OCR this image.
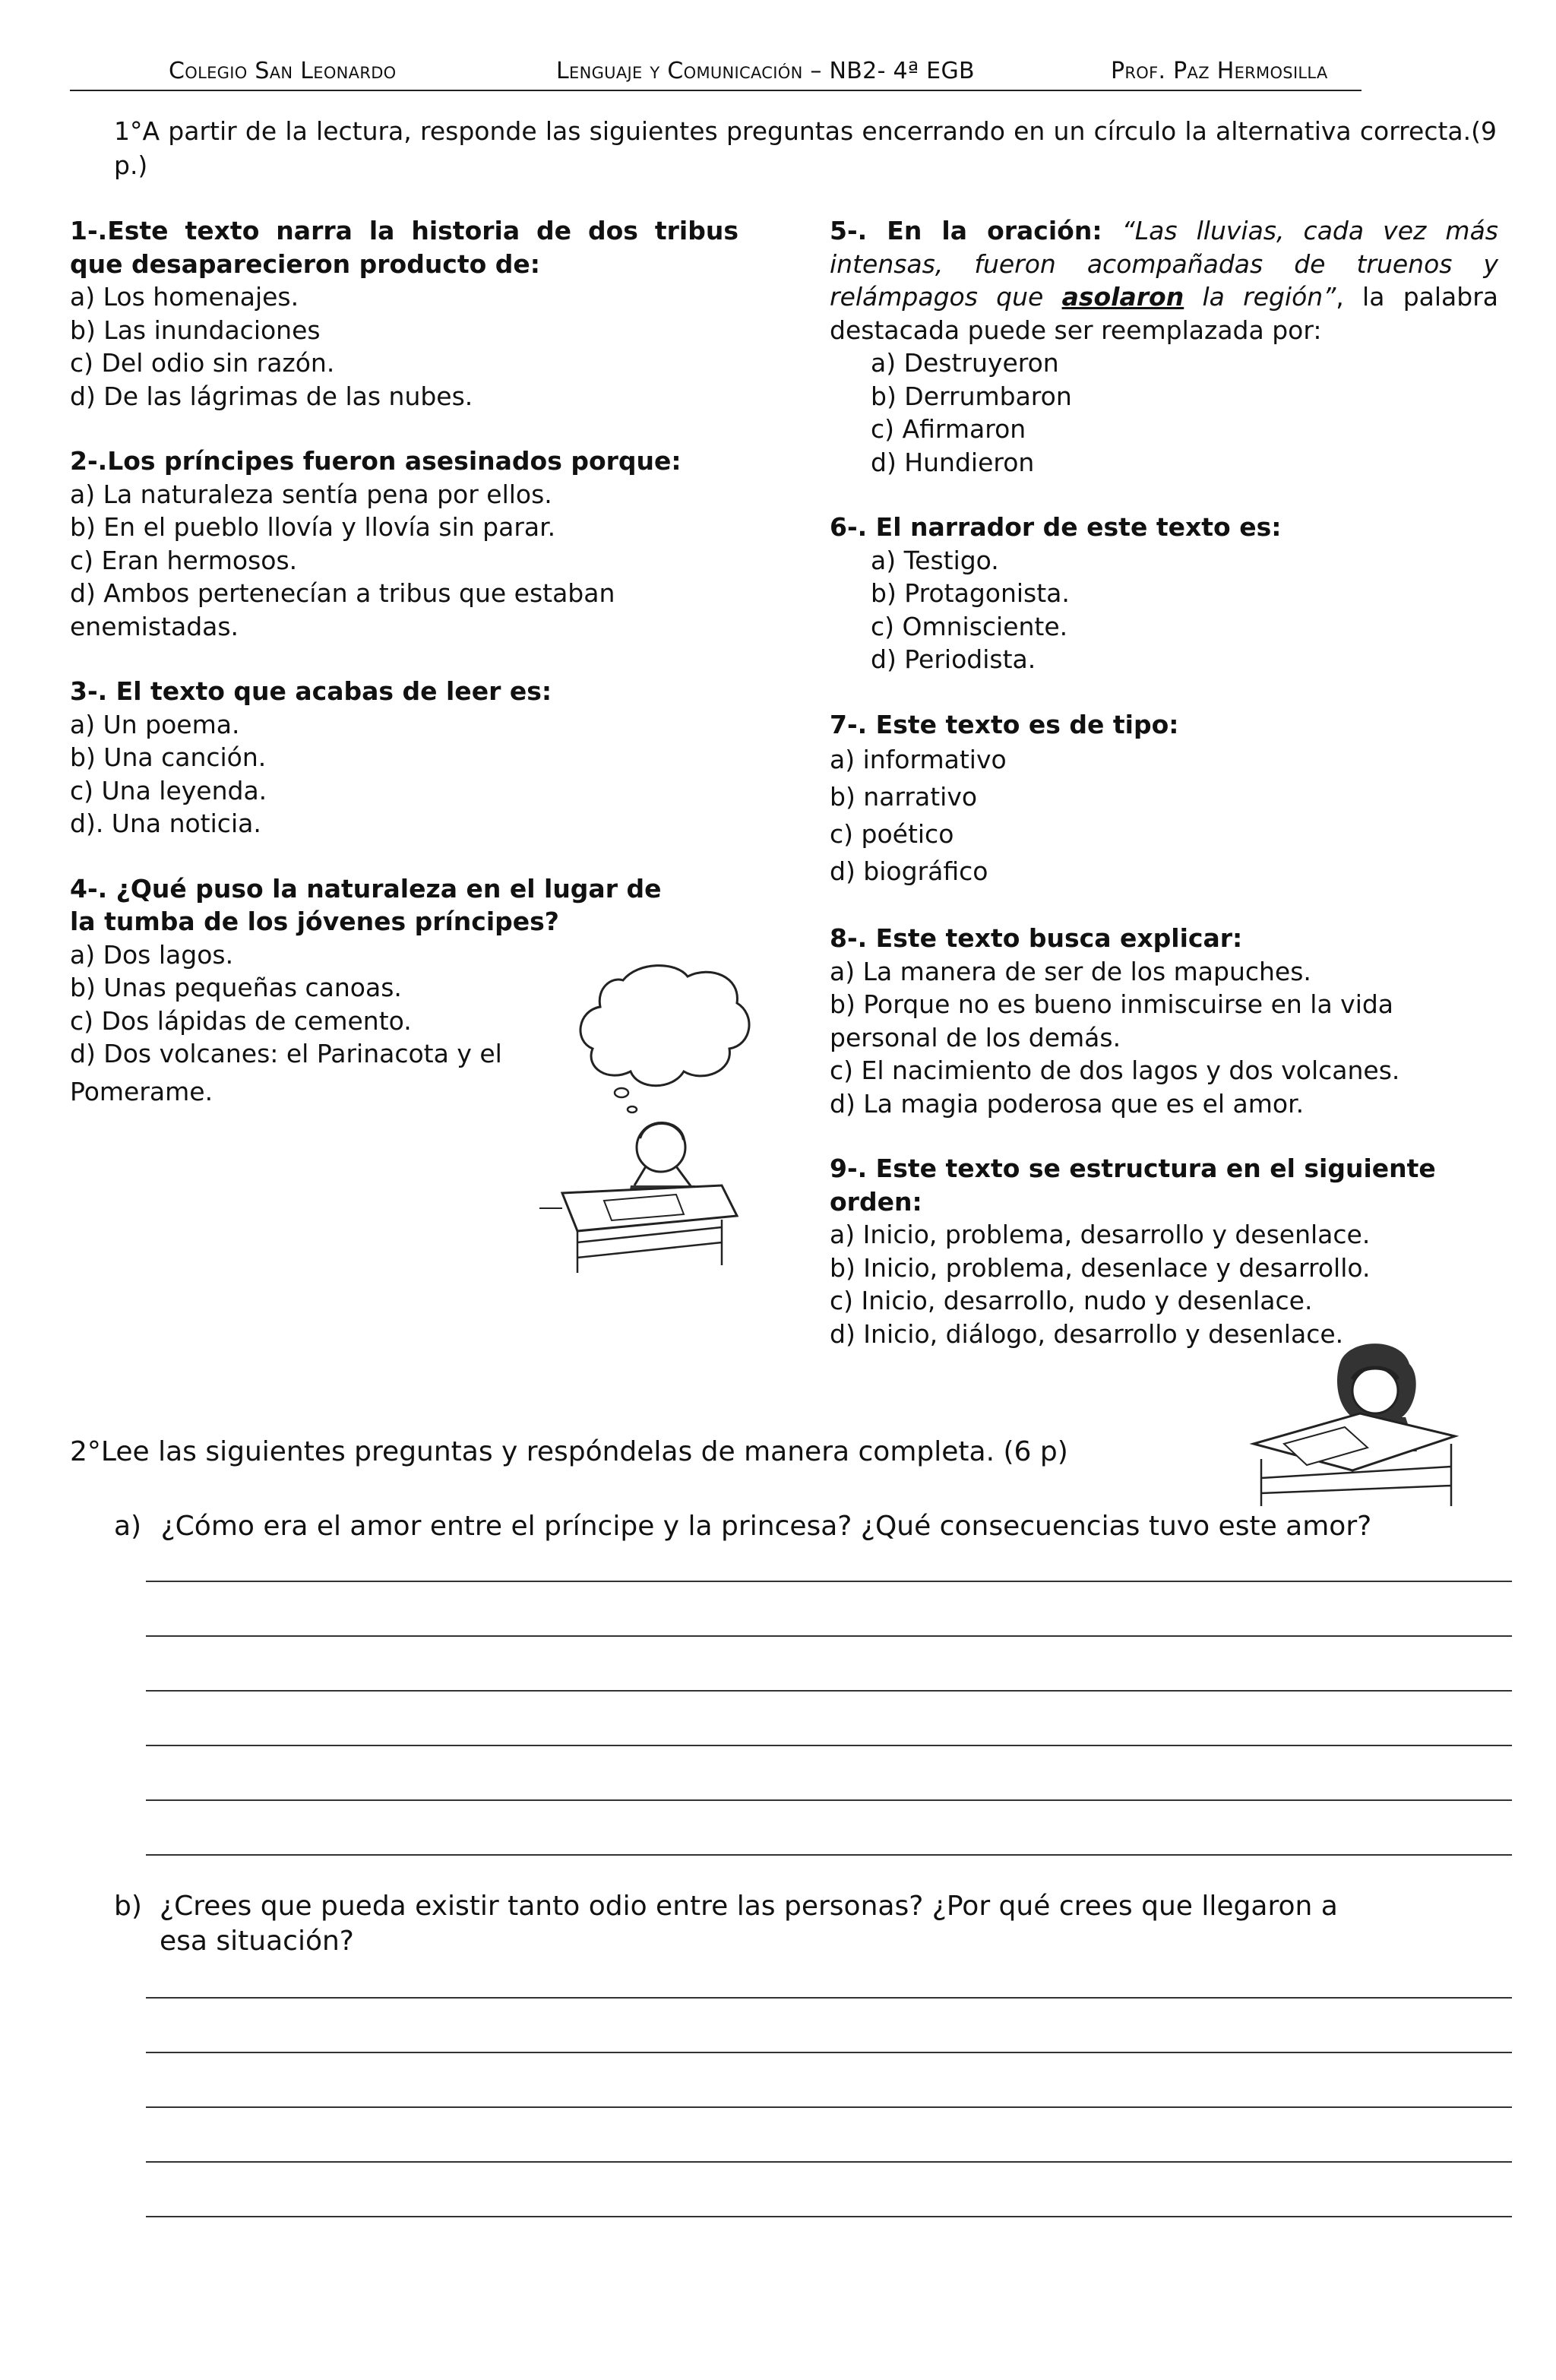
Colegio San Leonardo	Lenguaje y Comunicación – NB2- 4ª EGB	Prof. Paz Hermosilla
1°A partir de la lectura, responde las siguientes preguntas encerrando en un círculo la alternativa correcta.(9 p.)

1-.Este texto narra la historia de dos tribus que desaparecieron producto de:

a) Los homenajes.

b) Las inundaciones

c) Del odio sin razón.

d) De las lágrimas de las nubes.

2-.Los príncipes fueron asesinados porque:

a) La naturaleza sentía pena por ellos.

b) En el pueblo llovía y llovía sin parar.

c) Eran hermosos.

d) Ambos pertenecían a tribus que estaban enemistadas.

3-. El texto que acabas de leer es:

a) Un poema.

b) Una canción.

c) Una leyenda.

d). Una noticia.

4-. ¿Qué puso la naturaleza en el lugar de la tumba de los jóvenes príncipes?

a) Dos lagos.

b) Unas pequeñas canoas.

c) Dos lápidas de cemento.

d) Dos volcanes: el Parinacota y el

Pomerame.

5-. En la oración: “Las lluvias, cada vez más intensas, fueron acompañadas de truenos y relámpagos que asolaron la región”, la palabra destacada puede ser reemplazada por:

a) Destruyeron

b) Derrumbaron

c) Afirmaron

d) Hundieron

6-. El narrador de este texto es:

a) Testigo.

b) Protagonista.

c) Omnisciente.

d) Periodista.

7-. Este texto es de tipo:

a) informativo

b) narrativo

c) poético

d) biográfico

8-. Este texto busca explicar:

a) La manera de ser de los mapuches.

b) Porque no es bueno inmiscuirse en la vida personal de los demás.

c) El nacimiento de dos lagos y dos volcanes.

d) La magia poderosa que es el amor.

9-. Este texto se estructura en el siguiente orden:

a) Inicio, problema, desarrollo y desenlace.

b) Inicio, problema, desenlace y desarrollo.

c) Inicio, desarrollo, nudo y desenlace.

d) Inicio, diálogo, desarrollo y desenlace.

2°Lee las siguientes preguntas y respóndelas de manera completa. (6 p)
a) ¿Cómo era el amor entre el príncipe y la princesa? ¿Qué consecuencias tuvo este amor?
b) ¿Crees que pueda existir tanto odio entre las personas? ¿Por qué crees que llegaron a esa situación?
